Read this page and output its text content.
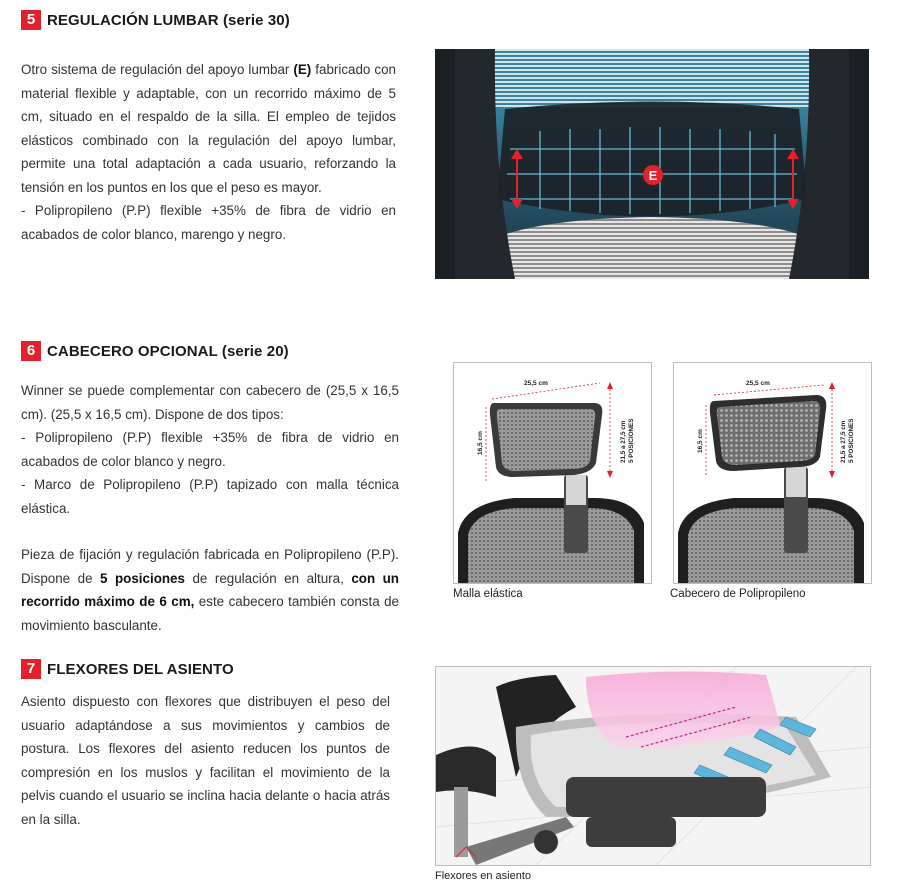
5 REGULACIÓN LUMBAR (serie 30)

Otro sistema de regulación del apoyo lumbar (E) fabricado con material flexible y adaptable, con un recorrido máximo de 5 cm, situado en el respaldo de la silla. El empleo de tejidos elásticos combinado con la regulación del apoyo lumbar, permite una total adaptación a cada usuario, reforzando la tensión en los puntos en los que el peso es mayor.

- Polipropileno (P.P) flexible +35% de fibra de vidrio en acabados de color blanco, marengo y negro.

E
6 CABECERO OPCIONAL (serie 20)

Winner se puede complementar con cabecero de (25,5 x 16,5 cm). (25,5 x 16,5 cm). Dispone de dos tipos:

- Polipropileno (P.P) flexible +35% de fibra de vidrio en acabados de color blanco y negro.

- Marco de Polipropileno (P.P) tapizado con malla técnica elástica.

Pieza de fijación y regulación fabricada en Polipropileno (P.P). Dispone de 5 posiciones de regulación en altura, con un recorrido máximo de 6 cm, este cabecero también consta de movimiento basculante.

25,5 cm
16,5 cm	21,5 a 27,5 cm 5 POSICIONES
Malla elástica
25,5 cm
16,5 cm	21,5 a 27,5 cm 5 POSICIONES
Cabecero de Polipropileno
7 FLEXORES DEL ASIENTO

Asiento dispuesto con flexores que distribuyen el peso del usuario adaptándose a sus movimientos y cambios de postura. Los flexores del asiento reducen los puntos de compresión en los muslos y facilitan el movimiento de la pelvis cuando el usuario se inclina hacia delante o hacia atrás en la silla.

Flexores en asiento
